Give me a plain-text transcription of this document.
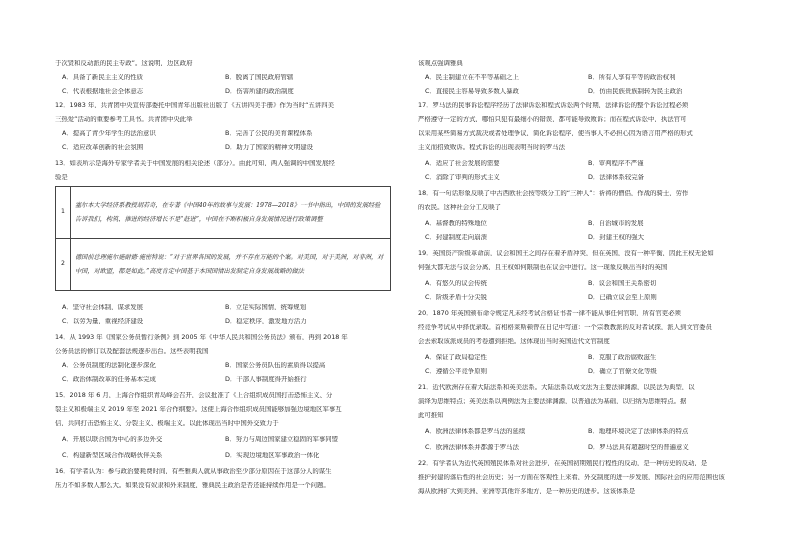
于次贤和反动派的民主专政”。这说明，边区政府
A．具备了新民主主义的性质	B．脱离了国民政府管辖
C．代表根据地社会全体意志	D．伤害所建的政治制度
12．1983 年，共青团中央宣传部委托中国青年出版社出版了《五讲四美手册》作为当时“五讲四美
三热爱”活动的重要参考工具书。共青团中央此举
A．提高了青少年学生的法治意识	B．完善了公民的美育课程体系
C．适应改革创新的社会氛围	D．助力了国家的精神文明建设
13．如表所示是海外专家学者关于中国发展的相关论述（部分）。由此可知，两人强调的中国发展经
验是
1	塞尔本大学经济系教授胡若奇，在专著《中国40年的故事与发展：1978—2018》一书中指出，中国的发展经验告诉我们，构筑、推进的经济增长不是“赶进”，中国在不断积极自身发展情况进行政策调整
2	德国前总理施尔施耐德·施密特说：“对于世界各国的发展，并不存在万能的个案。对美国，对于美洲，对非洲，对中国，对欧盟，都是如此。”高度肯定中国基于本国国情出发制定自身发展战略的做法
A．坚守社会体制，谋求发展	B．立足实际国情，统筹规划
C．以劳为量，重视经济建设	D．稳定秩序，激发地方活力
14．从 1993 年《国家公务员暂行条例》到 2005 年《中华人民共和国公务员法》颁布，再到 2018 年
公务员法的修订以及配套法规逐步出台。这些表明我国
A．公务员制度的法制化逐步深化	B．国家公务员队伍的素质得以提高
C．政治体制改革的任务基本完成	D．干部人事制度得开始推行
15．2018 年 6 月，上海合作组织青岛峰会召开，会议批准了《上合组织成员国打击恐怖主义、分
裂主义和极端主义 2019 年至 2021 年合作纲要》。这使上海合作组织成员国能够加强边境地区军事互
信，共同打击恐怖主义、分裂主义、极端主义。以此体现出当时中国外交致力于
A．开展以联合国为中心的多边外交	B．努力与周边国家建立稳固的军事同盟
C．构建新型区域合作战略伙伴关系	D．实现边境地区军事政治一体化
16．有学者认为：参与政治要耗费时间，有些雅典人就从事政治至少部分原因在于这部分人的谋生
压力不如多数人那么大。如果没有奴隶和外来制度，雅典民主政治是否还能持续作用是一个问题。
该观点强调雅典
A．民主制建立在不平等基础之上	B．所有人享有平等的政治权利
C．直接民主容易导致多数人暴政	D．仿由民族贵族制转为民主政治
17．罗马法的民事诉讼程序经历了法律诉讼和程式诉讼两个时期，法律诉讼的整个诉讼过程必须
严格遵守一定的方式，哪怕只犯有最细小的错误，都可能导致败诉；而在程式诉讼中，执法官可
以采用某些简易方式裁决或者处理争议，简化诉讼程序，使当事人不必担心因为语言用严格的形式
主义而招致败诉。程式诉讼的出现表明当时的罗马法
A．适应了社会发展的需要	B．审判程序不严谨
C．消除了审判的形式主义	D．法律体系较完备
18．有一句话形象反映了中古西欧社会按等级分工的“三种人”：祈祷的僧侣，作战的骑士，劳作
的农民。这种社会分工反映了
A．基督教的特殊地位	B．自治城市的发展
C．封建制度走向崩溃	D．封建王权的强大
19．英国资产阶级革命前，议会和国王之间存在着矛盾冲突，但在英国，没有一种平衡，因此王权无论如
何强大都无法与议会分离，且王权如何限制也在议会中进行。这一现象反映出当时的英国
A．有悠久的议会传统	B．议会和国王关系密切
C．阶级矛盾十分尖锐	D．已确立议会至上原则
20．1870 年英国颁布命令规定凡未经考试合格证书者一律不能从事任何官职，所有官吏必须
经竞争考试从中择优录取。首相格莱斯顿曾在日记中写道：一个宗教教派的反对者试探，派人到文官委员
会去索取该派成员的考卷遭到拒绝。这体现出当时英国近代文官制度
A．保证了政局稳定性	B．克服了政治腐败滋生
C．遵循公平竞争原则	D．确立了官僚文化等级
21．近代欧洲存在着大陆法系和英美法系。大陆法系以成文法为主要法律渊源，以民法为典型，以
演绎为思维特点；英美法系以判例法为主要法律渊源，以普通法为基础，以归纳为思维特点。据
此可推知
A．欧洲法律体系都是罗马法的延续	B．地理环境决定了法律体系的特点
C．欧洲法律体系并都源于罗马法	D．罗马法具有超越时空的普遍意义
22．有学者认为近代英国殖民体系对社会进步，在英国初期殖民行程性的反动，是一种历史的反动，是
推护封建的落后性的社会历史；另一方面在客观性上来看，外交制度的进一步发展，国际社会的应用范围也该
海从欧洲扩大到美洲、亚洲等其他许多地方，是一种历史的进步。这该体系是
